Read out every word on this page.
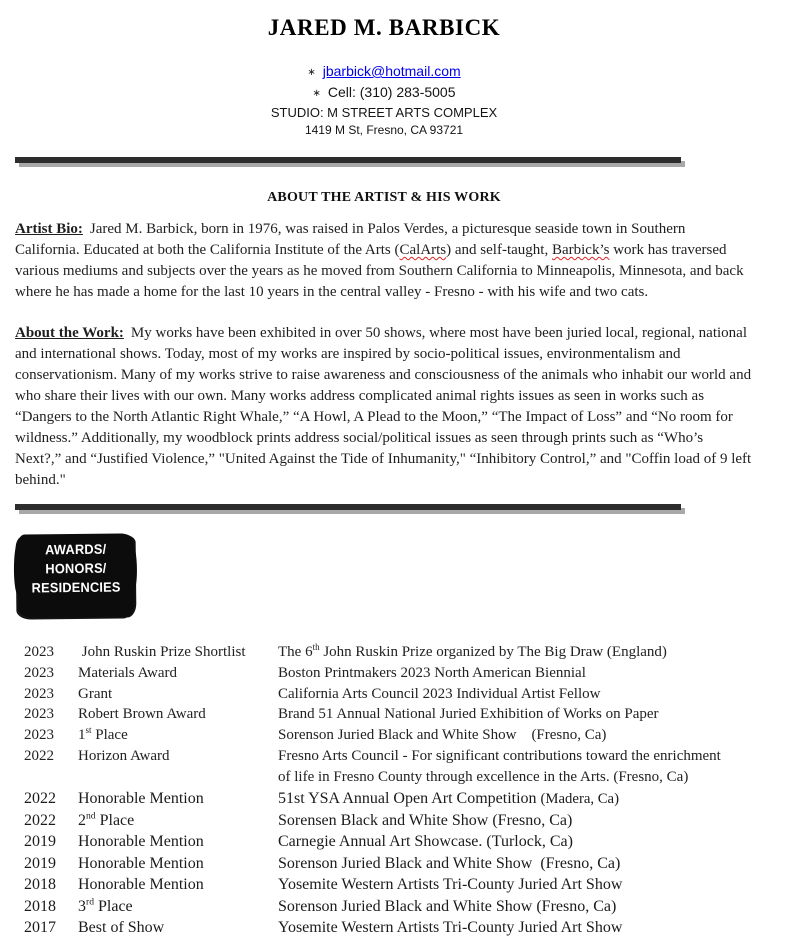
JARED M. BARBICK
∗ jbarbick@hotmail.com
∗ Cell: (310) 283-5005
STUDIO: M STREET ARTS COMPLEX
1419 M St, Fresno, CA 93721
ABOUT THE ARTIST & HIS WORK

Artist Bio: Jared M. Barbick, born in 1976, was raised in Palos Verdes, a picturesque seaside town in Southern California. Educated at both the California Institute of the Arts (CalArts) and self-taught, Barbick’s work has traversed various mediums and subjects over the years as he moved from Southern California to Minneapolis, Minnesota, and back where he has made a home for the last 10 years in the central valley - Fresno - with his wife and two cats.

About the Work: My works have been exhibited in over 50 shows, where most have been juried local, regional, national and international shows. Today, most of my works are inspired by socio-political issues, environmentalism and conservationism. Many of my works strive to raise awareness and consciousness of the animals who inhabit our world and who share their lives with our own. Many works address complicated animal rights issues as seen in works such as “Dangers to the North Atlantic Right Whale,” “A Howl, A Plead to the Moon,” “The Impact of Loss” and “No room for wildness.” Additionally, my woodblock prints address social/political issues as seen through prints such as “Who’s Next?,” and “Justified Violence,” "United Against the Tide of Inhumanity," “Inhibitory Control,” and "Coffin load of 9 left behind."

AWARDS/
HONORS/
RESIDENCIES
2023	John Ruskin Prize Shortlist	The 6th John Ruskin Prize organized by The Big Draw (England)
2023	Materials Award	Boston Printmakers 2023 North American Biennial
2023	Grant	California Arts Council 2023 Individual Artist Fellow
2023	Robert Brown Award	Brand 51 Annual National Juried Exhibition of Works on Paper
2023	1st Place	Sorenson Juried Black and White Show    (Fresno, Ca)
2022	Horizon Award	Fresno Arts Council - For significant contributions toward the enrichment
of life in Fresno County through excellence in the Arts. (Fresno, Ca)
2022	Honorable Mention	51st YSA Annual Open Art Competition (Madera, Ca)
2022	2nd Place	Sorensen Black and White Show (Fresno, Ca)
2019	Honorable Mention	Carnegie Annual Art Showcase. (Turlock, Ca)
2019	Honorable Mention	Sorenson Juried Black and White Show  (Fresno, Ca)
2018	Honorable Mention	Yosemite Western Artists Tri-County Juried Art Show
2018	3rd Place	Sorenson Juried Black and White Show (Fresno, Ca)
2017	Best of Show	Yosemite Western Artists Tri-County Juried Art Show
